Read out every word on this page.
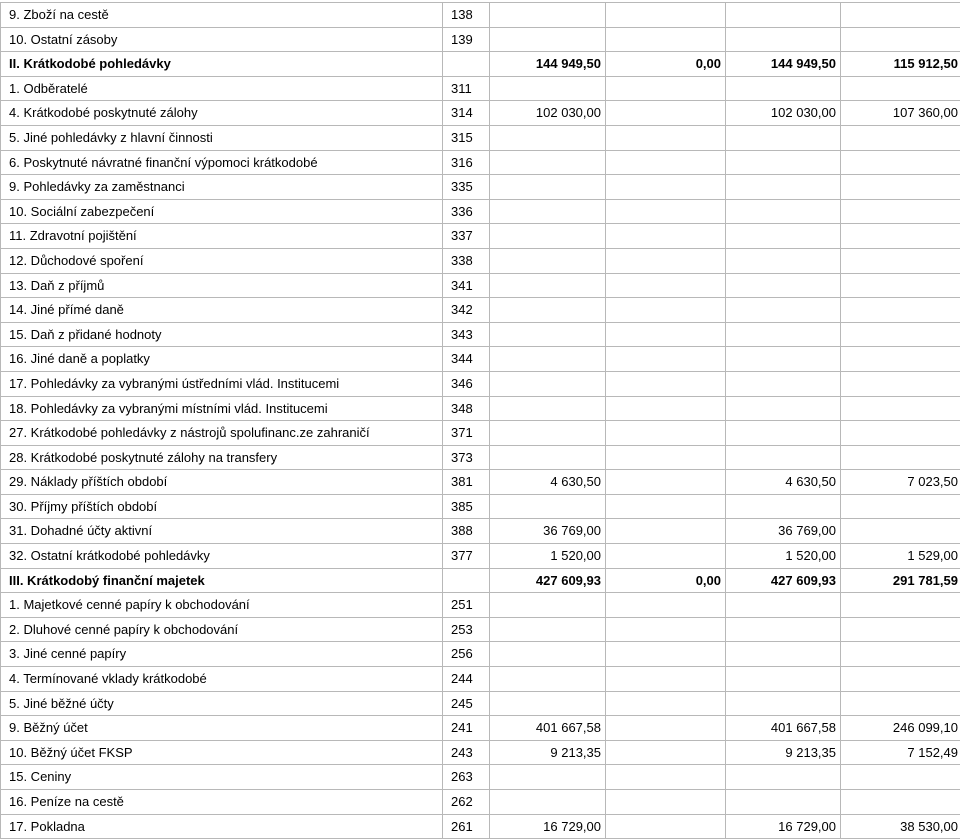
9. Zboží na cestě	138				
10. Ostatní zásoby	139				
II. Krátkodobé pohledávky		144 949,50	0,00	144 949,50	115 912,50
1. Odběratelé	311				
4. Krátkodobé poskytnuté zálohy	314	102 030,00		102 030,00	107 360,00
5. Jiné pohledávky z hlavní činnosti	315				
6. Poskytnuté návratné finanční výpomoci krátkodobé	316				
9. Pohledávky za zaměstnanci	335				
10. Sociální zabezpečení	336				
11. Zdravotní pojištění	337				
12. Důchodové spoření	338				
13. Daň z příjmů	341				
14. Jiné přímé daně	342				
15. Daň z přidané hodnoty	343				
16. Jiné daně a poplatky	344				
17. Pohledávky za vybranými ústředními vlád. Institucemi	346				
18. Pohledávky za vybranými místními vlád. Institucemi	348				
27. Krátkodobé pohledávky z nástrojů spolufinanc.ze zahraničí	371				
28. Krátkodobé poskytnuté zálohy na transfery	373				
29. Náklady příštích období	381	4 630,50		4 630,50	7 023,50
30. Příjmy příštích období	385				
31. Dohadné účty aktivní	388	36 769,00		36 769,00	
32. Ostatní krátkodobé pohledávky	377	1 520,00		1 520,00	1 529,00
III. Krátkodobý finanční majetek		427 609,93	0,00	427 609,93	291 781,59
1. Majetkové cenné papíry k obchodování	251				
2. Dluhové cenné papíry k obchodování	253				
3. Jiné cenné papíry	256				
4. Termínované vklady krátkodobé	244				
5. Jiné běžné účty	245				
9. Běžný účet	241	401 667,58		401 667,58	246 099,10
10. Běžný účet FKSP	243	9 213,35		9 213,35	7 152,49
15. Ceniny	263				
16. Peníze na cestě	262				
17. Pokladna	261	16 729,00		16 729,00	38 530,00
